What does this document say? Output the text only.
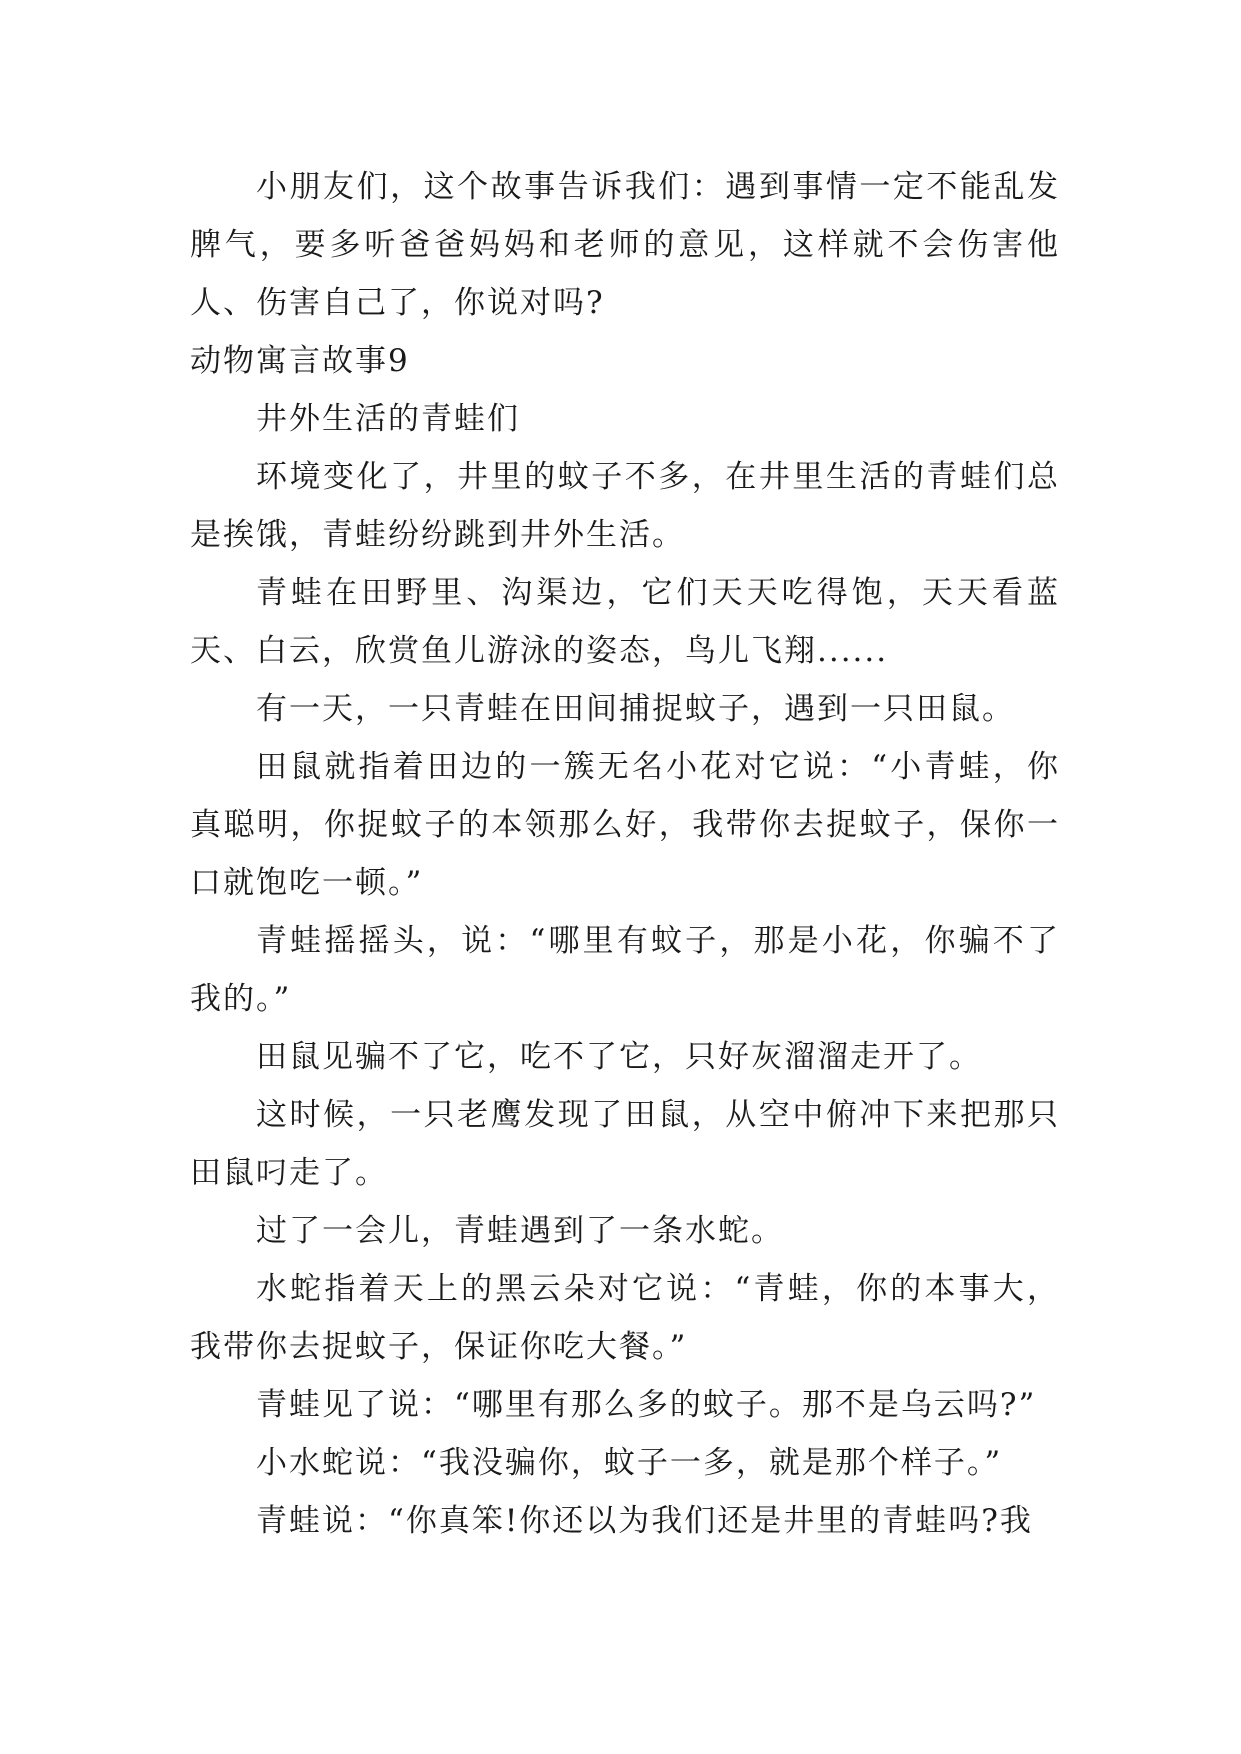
小朋友们，这个故事告诉我们：遇到事情一定不能乱发脾气，要多听爸爸妈妈和老师的意见，这样就不会伤害他人、伤害自己了，你说对吗?

动物寓言故事9

井外生活的青蛙们

环境变化了，井里的蚊子不多，在井里生活的青蛙们总是挨饿，青蛙纷纷跳到井外生活。

青蛙在田野里、沟渠边，它们天天吃得饱，天天看蓝天、白云，欣赏鱼儿游泳的姿态，鸟儿飞翔......

有一天，一只青蛙在田间捕捉蚊子，遇到一只田鼠。

田鼠就指着田边的一簇无名小花对它说：“小青蛙，你真聪明，你捉蚊子的本领那么好，我带你去捉蚊子，保你一口就饱吃一顿。”

青蛙摇摇头，说：“哪里有蚊子，那是小花，你骗不了我的。”

田鼠见骗不了它，吃不了它，只好灰溜溜走开了。

这时候，一只老鹰发现了田鼠，从空中俯冲下来把那只田鼠叼走了。

过了一会儿，青蛙遇到了一条水蛇。

水蛇指着天上的黑云朵对它说：“青蛙，你的本事大，我带你去捉蚊子，保证你吃大餐。”

青蛙见了说：“哪里有那么多的蚊子。那不是乌云吗?”

小水蛇说：“我没骗你，蚊子一多，就是那个样子。”

青蛙说：“你真笨!你还以为我们还是井里的青蛙吗?我
